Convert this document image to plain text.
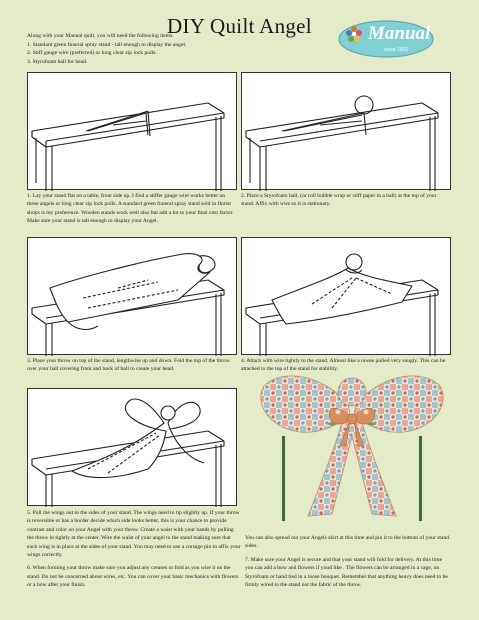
DIY Quilt Angel	Manual
since 1921
Along with your Manual quilt, you will need the following items.
1. Standard green funeral spray stand - tall enough to display the angel.
2. Stiff gauge wire (preferred) or long clear zip lock pulls.
3. Styrofoam ball for head.
1. Lay your stand flat on a table, front side up. I find a stiffer gauge wire works better on these angels or long clear zip lock pulls. A standard green funeral spray stand sold in florist shops is my preference. Wooden stands work well also but add a lot to your final cost factor. Make sure your stand is tall enough to display your Angel.
2. Place a Styrofoam ball, (or roll bubble wrap or stiff paper in a ball) at the top of your stand. Affix with wire so it is stationary.
3. Place your throw on top of the stand, lengthwise up and down. Fold the top of the throw over your ball covering front and back of ball to create your head.
4. Attach with wire tightly to the stand. Almost like a noose pulled very snugly. This can be attached to the top of the stand for stability.

5. Pull the wings out to the sides of your stand. The wings need to tip slightly up. If your throw is reversible or has a border decide which side looks better, this is your chance to provide contrast and color on your Angel with your throw. Create a waist with your hands by pulling the throw in tightly at the center. Wire the waist of your angel to the stand making sure that each wing is in place at the sides of your stand. You may need to use a corsage pin to affix your wings correctly.

6. When forming your throw make sure you adjust any creases or fold as you wire it on the stand. Do not be concerned about wires, etc. You can cover your basic mechanics with flowers or a bow after your finish.

You can also spread out your Angels skirt at this time and pin it to the bottom of your stand sides.

7. Make sure your Angel is secure and that your stand will fold for delivery. At this time you can add a bow and flowers if youd like . The flowers can be arranged in a cage, on Styrofoam or hand tied in a loose bouquet. Remember that anything heavy does need to be firmly wired to the stand not the fabric of the throw.
